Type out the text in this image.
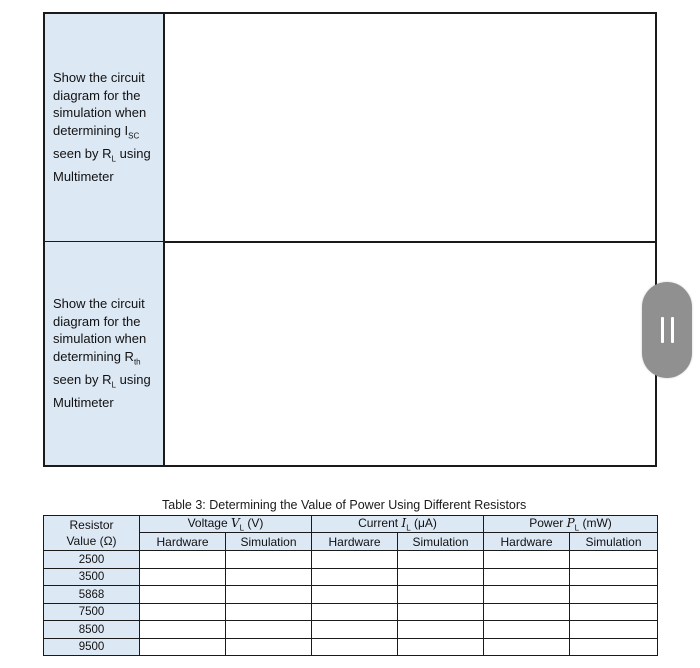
Show the circuit
diagram for the
simulation when
determining $I_{SC}$
seen by $R_L$ using
Multimeter
Show the circuit
diagram for the
simulation when
determining $R_{th}$
seen by $R_L$ using
Multimeter
Table 3: Determining the Value of Power Using Different Resistors
Resistor
Value (Ω)	Voltage $V_L$ (V)		Current $I_L$ (μA)		Power $P_L$ (mW)	
	Hardware	Simulation	Hardware	Simulation	Hardware	Simulation
2500						
3500						
5868						
7500						
8500						
9500						
